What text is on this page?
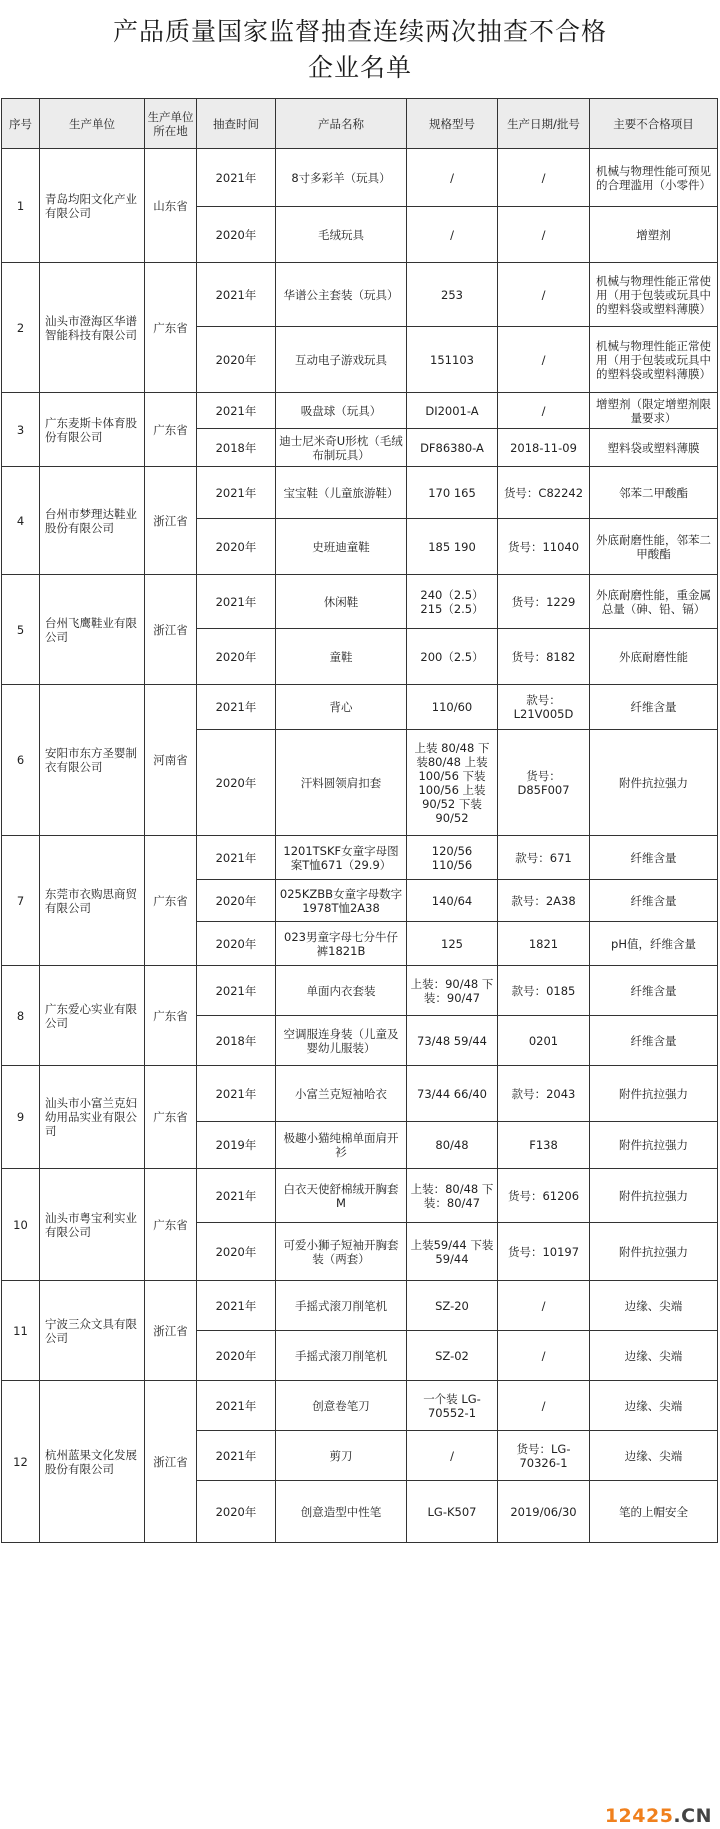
产品质量国家监督抽查连续两次抽查不合格
企业名单
序号	生产单位	生产单位所在地	抽查时间	产品名称	规格型号	生产日期/批号	主要不合格项目
1	青岛均阳文化产业有限公司	山东省	2021年	8寸多彩羊（玩具）	/	/	机械与物理性能可预见的合理滥用（小零件）
			2020年	毛绒玩具	/	/	增塑剂
2	汕头市澄海区华谱智能科技有限公司	广东省	2021年	华谱公主套装（玩具）	253	/	机械与物理性能正常使用（用于包装或玩具中的塑料袋或塑料薄膜）
			2020年	互动电子游戏玩具	151103	/	机械与物理性能正常使用（用于包装或玩具中的塑料袋或塑料薄膜）
3	广东麦斯卡体育股份有限公司	广东省	2021年	吸盘球（玩具）	DI2001-A	/	增塑剂（限定增塑剂限量要求）
			2018年	迪士尼米奇U形枕（毛绒布制玩具）	DF86380-A	2018-11-09	塑料袋或塑料薄膜
4	台州市梦理达鞋业股份有限公司	浙江省	2021年	宝宝鞋（儿童旅游鞋）	170 165	货号：C82242	邻苯二甲酸酯
			2020年	史班迪童鞋	185 190	货号：11040	外底耐磨性能，邻苯二甲酸酯
5	台州飞鹰鞋业有限公司	浙江省	2021年	休闲鞋	240（2.5） 215（2.5）	货号：1229	外底耐磨性能，重金属总量（砷、铅、镉）
			2020年	童鞋	200（2.5）	货号：8182	外底耐磨性能
6	安阳市东方圣婴制衣有限公司	河南省	2021年	背心	110/60	款号：L21V005D	纤维含量
			2020年	汗料圆领肩扣套	上装 80/48 下装80/48 上装100/56 下装100/56 上装90/52 下装90/52	货号：D85F007	附件抗拉强力
7	东莞市衣购思商贸有限公司	广东省	2021年	1201TSKF女童字母图案T恤671（29.9）	120/56 110/56	款号：671	纤维含量
			2020年	025KZBB女童字母数字1978T恤2A38	140/64	款号：2A38	纤维含量
			2020年	023男童字母七分牛仔裤1821B	125	1821	pH值，纤维含量
8	广东爱心实业有限公司	广东省	2021年	单面内衣套装	上装：90/48 下装：90/47	款号：0185	纤维含量
			2018年	空调服连身装（儿童及婴幼儿服装）	73/48 59/44	0201	纤维含量
9	汕头市小富兰克妇幼用品实业有限公司	广东省	2021年	小富兰克短袖哈衣	73/44 66/40	款号：2043	附件抗拉强力
			2019年	极趣小猫纯棉单面肩开衫	80/48	F138	附件抗拉强力
10	汕头市粤宝利实业有限公司	广东省	2021年	白衣天使舒棉绒开胸套M	上装：80/48 下装：80/47	货号：61206	附件抗拉强力
			2020年	可爱小狮子短袖开胸套装（两套）	上装59/44 下装59/44	货号：10197	附件抗拉强力
11	宁波三众文具有限公司	浙江省	2021年	手摇式滚刀削笔机	SZ-20	/	边缘、尖端
			2020年	手摇式滚刀削笔机	SZ-02	/	边缘、尖端
12	杭州蓝果文化发展股份有限公司	浙江省	2021年	创意卷笔刀	一个装 LG-70552-1	/	边缘、尖端
			2021年	剪刀	/	货号：LG-70326-1	边缘、尖端
			2020年	创意造型中性笔	LG-K507	2019/06/30	笔的上帽安全
12425.CN
